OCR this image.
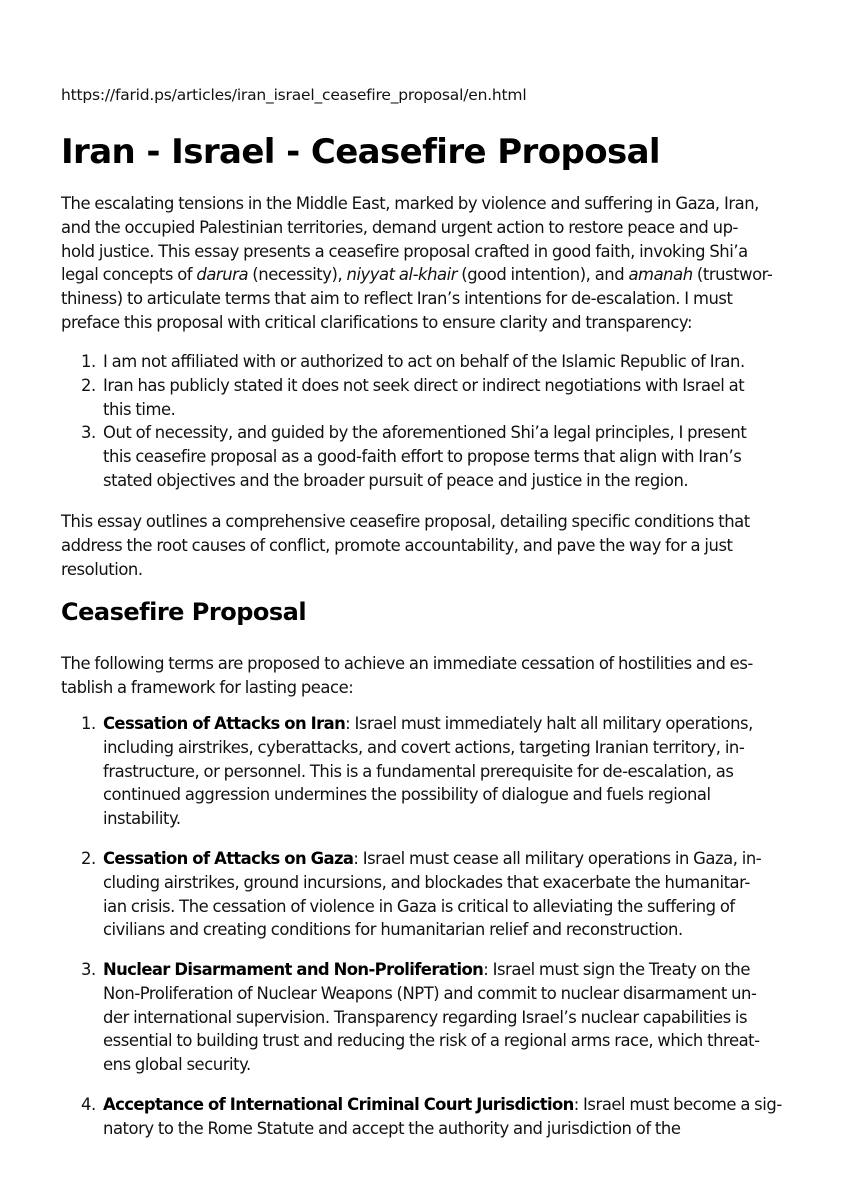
https://farid.ps/articles/iran_israel_ceasefire_proposal/en.html
Iran - Israel - Ceasefire Proposal

The escalating tensions in the Middle East, marked by violence and suffering in Gaza, Iran,
and the occupied Palestinian territories, demand urgent action to restore peace and up-
hold justice. This essay presents a ceasefire proposal crafted in good faith, invoking Shi’a
legal concepts of darura (necessity), niyyat al-khair (good intention), and amanah (trustwor-
thiness) to articulate terms that aim to reflect Iran’s intentions for de-escalation. I must
preface this proposal with critical clarifications to ensure clarity and transparency:

1. I am not affiliated with or authorized to act on behalf of the Islamic Republic of Iran.
2. Iran has publicly stated it does not seek direct or indirect negotiations with Israel at
this time.
3. Out of necessity, and guided by the aforementioned Shi’a legal principles, I present
this ceasefire proposal as a good-faith effort to propose terms that align with Iran’s
stated objectives and the broader pursuit of peace and justice in the region.

This essay outlines a comprehensive ceasefire proposal, detailing specific conditions that
address the root causes of conflict, promote accountability, and pave the way for a just
resolution.

Ceasefire Proposal

The following terms are proposed to achieve an immediate cessation of hostilities and es-
tablish a framework for lasting peace:

1. Cessation of Attacks on Iran: Israel must immediately halt all military operations,
including airstrikes, cyberattacks, and covert actions, targeting Iranian territory, in-
frastructure, or personnel. This is a fundamental prerequisite for de-escalation, as
continued aggression undermines the possibility of dialogue and fuels regional
instability.
2. Cessation of Attacks on Gaza: Israel must cease all military operations in Gaza, in-
cluding airstrikes, ground incursions, and blockades that exacerbate the humanitar-
ian crisis. The cessation of violence in Gaza is critical to alleviating the suffering of
civilians and creating conditions for humanitarian relief and reconstruction.
3. Nuclear Disarmament and Non-Proliferation: Israel must sign the Treaty on the
Non-Proliferation of Nuclear Weapons (NPT) and commit to nuclear disarmament un-
der international supervision. Transparency regarding Israel’s nuclear capabilities is
essential to building trust and reducing the risk of a regional arms race, which threat-
ens global security.
4. Acceptance of International Criminal Court Jurisdiction: Israel must become a sig-
natory to the Rome Statute and accept the authority and jurisdiction of the
